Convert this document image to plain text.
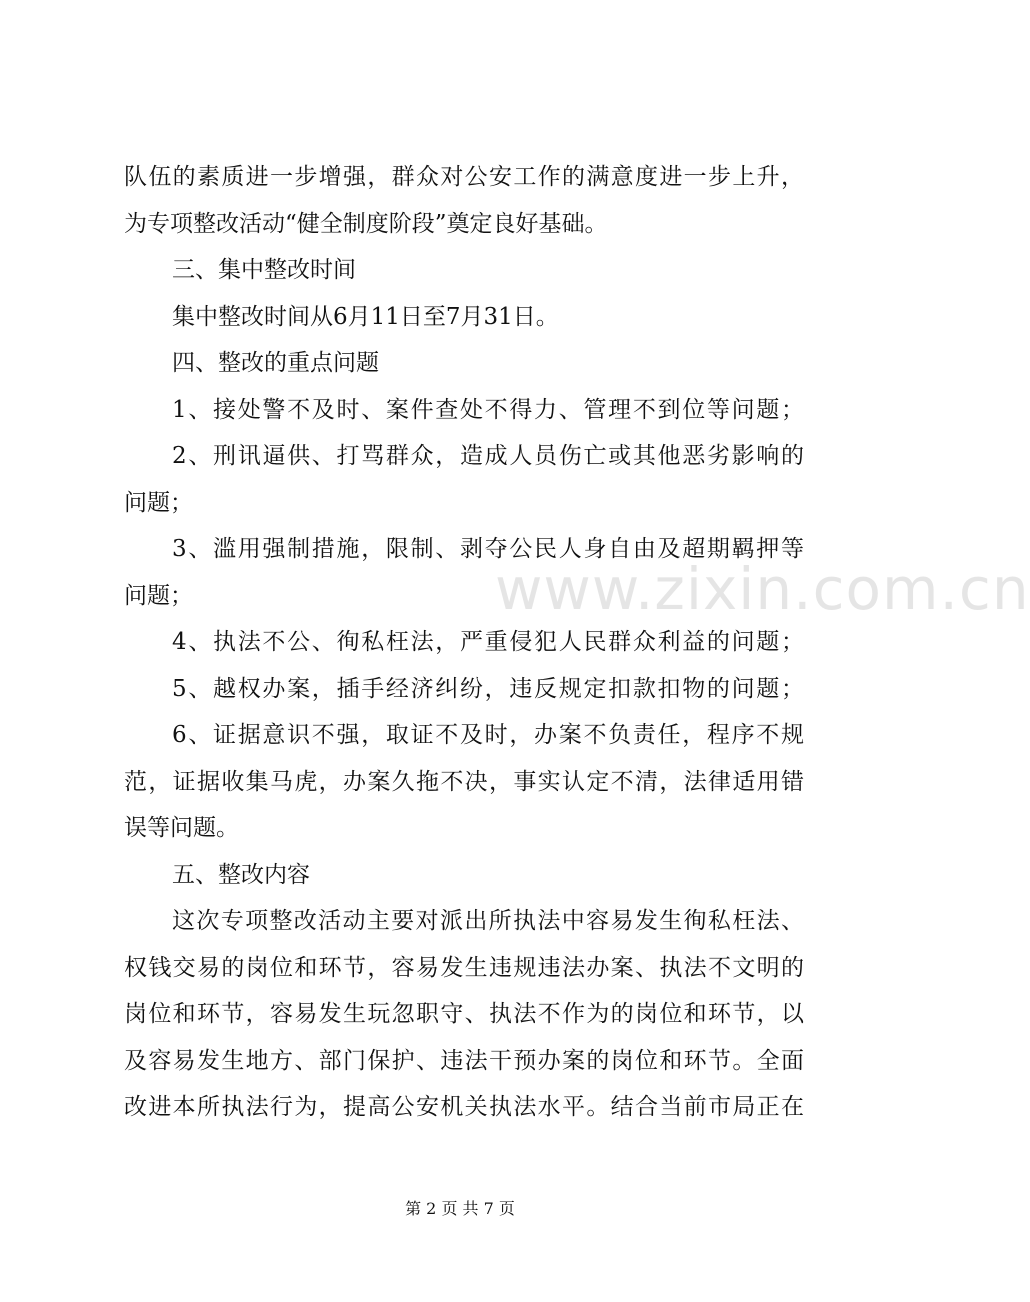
队伍的素质进一步增强，群众对公安工作的满意度进一步上升，
为专项整改活动“健全制度阶段”奠定良好基础。
三、集中整改时间
集中整改时间从6月11日至7月31日。
四、整改的重点问题
1、接处警不及时、案件查处不得力、管理不到位等问题；
2、刑讯逼供、打骂群众，造成人员伤亡或其他恶劣影响的
问题；
3、滥用强制措施，限制、剥夺公民人身自由及超期羁押等
问题；
4、执法不公、徇私枉法，严重侵犯人民群众利益的问题；
5、越权办案，插手经济纠纷，违反规定扣款扣物的问题；
6、证据意识不强，取证不及时，办案不负责任，程序不规
范，证据收集马虎，办案久拖不决，事实认定不清，法律适用错
误等问题。
五、整改内容
这次专项整改活动主要对派出所执法中容易发生徇私枉法、
权钱交易的岗位和环节，容易发生违规违法办案、执法不文明的
岗位和环节，容易发生玩忽职守、执法不作为的岗位和环节，以
及容易发生地方、部门保护、违法干预办案的岗位和环节。全面
改进本所执法行为，提高公安机关执法水平。结合当前市局正在
www.zixin.com.cn
第 2 页 共 7 页
